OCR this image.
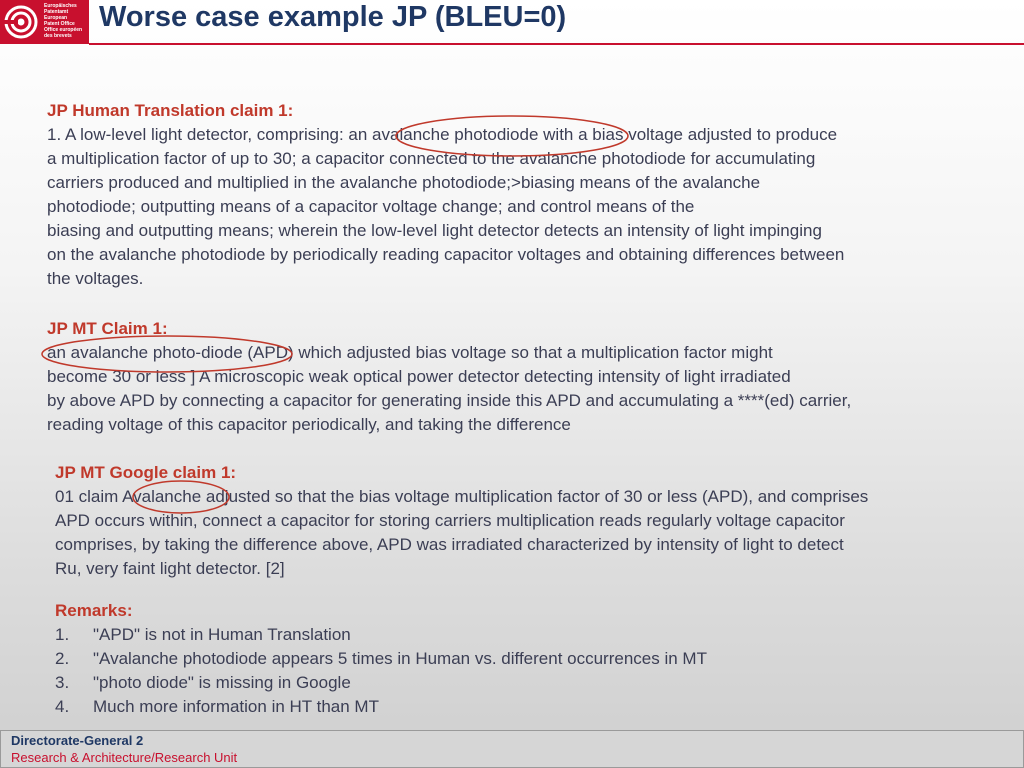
Europäisches
Patentamt
European
Patent Office
Office européen
des brevets
Worse case example JP (BLEU=0)
JP Human Translation claim 1:
1. A low-level light detector, comprising: an avalanche photodiode with a bias voltage adjusted to produce
a multiplication factor of up to 30; a capacitor connected to the avalanche photodiode for accumulating
carriers produced and multiplied in the avalanche photodiode;>biasing means of the avalanche
photodiode; outputting means of a capacitor voltage change; and control means of the
biasing and outputting means; wherein the low-level light detector detects an intensity of light impinging
on the avalanche photodiode by periodically reading capacitor voltages and obtaining differences between
the voltages.
JP MT Claim 1:
an avalanche photo-diode (APD) which adjusted bias voltage so that a multiplication factor might
become 30 or less ] A microscopic weak optical power detector detecting intensity of light irradiated
by above APD by connecting a capacitor for generating inside this APD and accumulating a ****(ed) carrier,
reading voltage of this capacitor periodically, and taking the difference
JP MT Google claim 1:
01 claim Avalanche adjusted so that the bias voltage multiplication factor of 30 or less (APD), and comprises
APD occurs within, connect a capacitor for storing carriers multiplication reads regularly voltage capacitor
comprises, by taking the difference above, APD was irradiated characterized by intensity of light to detect
Ru, very faint light detector. [2]
Remarks:
1. "APD" is not in Human Translation
2. "Avalanche photodiode appears 5 times in Human vs. different occurrences in MT
3. "photo diode" is missing in Google
4. Much more information in HT than MT
Directorate-General 2
Research & Architecture/Research Unit
